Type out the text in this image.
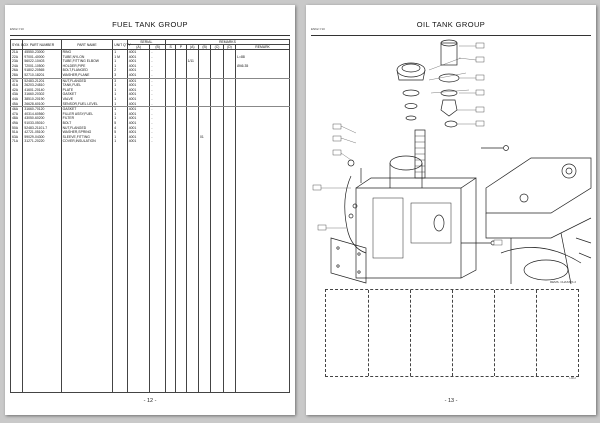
EN62-Y10	FUEL TANK GROUP
SYM. BOX	PART NUMBER	PART NAME	UNIT Q'TY	SERIAL		REMARKS						
				(A)	(B)	S	P	(A)	(B)	(C)	(D)	REMARK
21A	45550-23000	RING	1	4001	-							
22A	97001-40000	TUBE,NYLON	1 M	4001	-							L=88
23A	56022-10403	TUBE,FITTING ELBOW	1	4001	-			1/11				
24A	72001-10500	HOLDER,PIPE	1	4001	-							Ø46.35
26A	91802-20565	BOLT,FLANGED	2	4001	-							
28A	52710-18201	WASHER,PLANE	3	4001	-							
37A	52483-21201	NUT,FLANGED	3	4001	-							
41A	26203-24810	TANK,FUEL	1	4001	-							
42A	41601-20140	PLATE	1	4001	-							
43A	31660-20302	GASKET	1	4001	-							
44A	38510-20190	VALVE	1	4001	-							
45A	26628-60100	SENSOR,FUEL LEVEL	1	4001	-							
46A	31660-70120	GASKET	1	4001	-							
47A	40314-60560	FILLER ASSY,FUEL	1	4001	-							
48A	43050-60200	FILTER	1	4001	-							
49A	91033-05010	BOLT	5	4001	-							
50A	52483-21101-7	NUT,FLANGED	4	4001	-							
51A	42721-05100	WASHER,SPRING	5	4001	-							
63A	59029-04300	SLEEVE,FITTING	1	4001	-				01			
71A	31271-20220	COVER,INSULATION	1	4001	-							

- 12 -
EN62-Y10	OIL TANK GROUP
REMS. CHASSIS 2
LM12
- 13 -
